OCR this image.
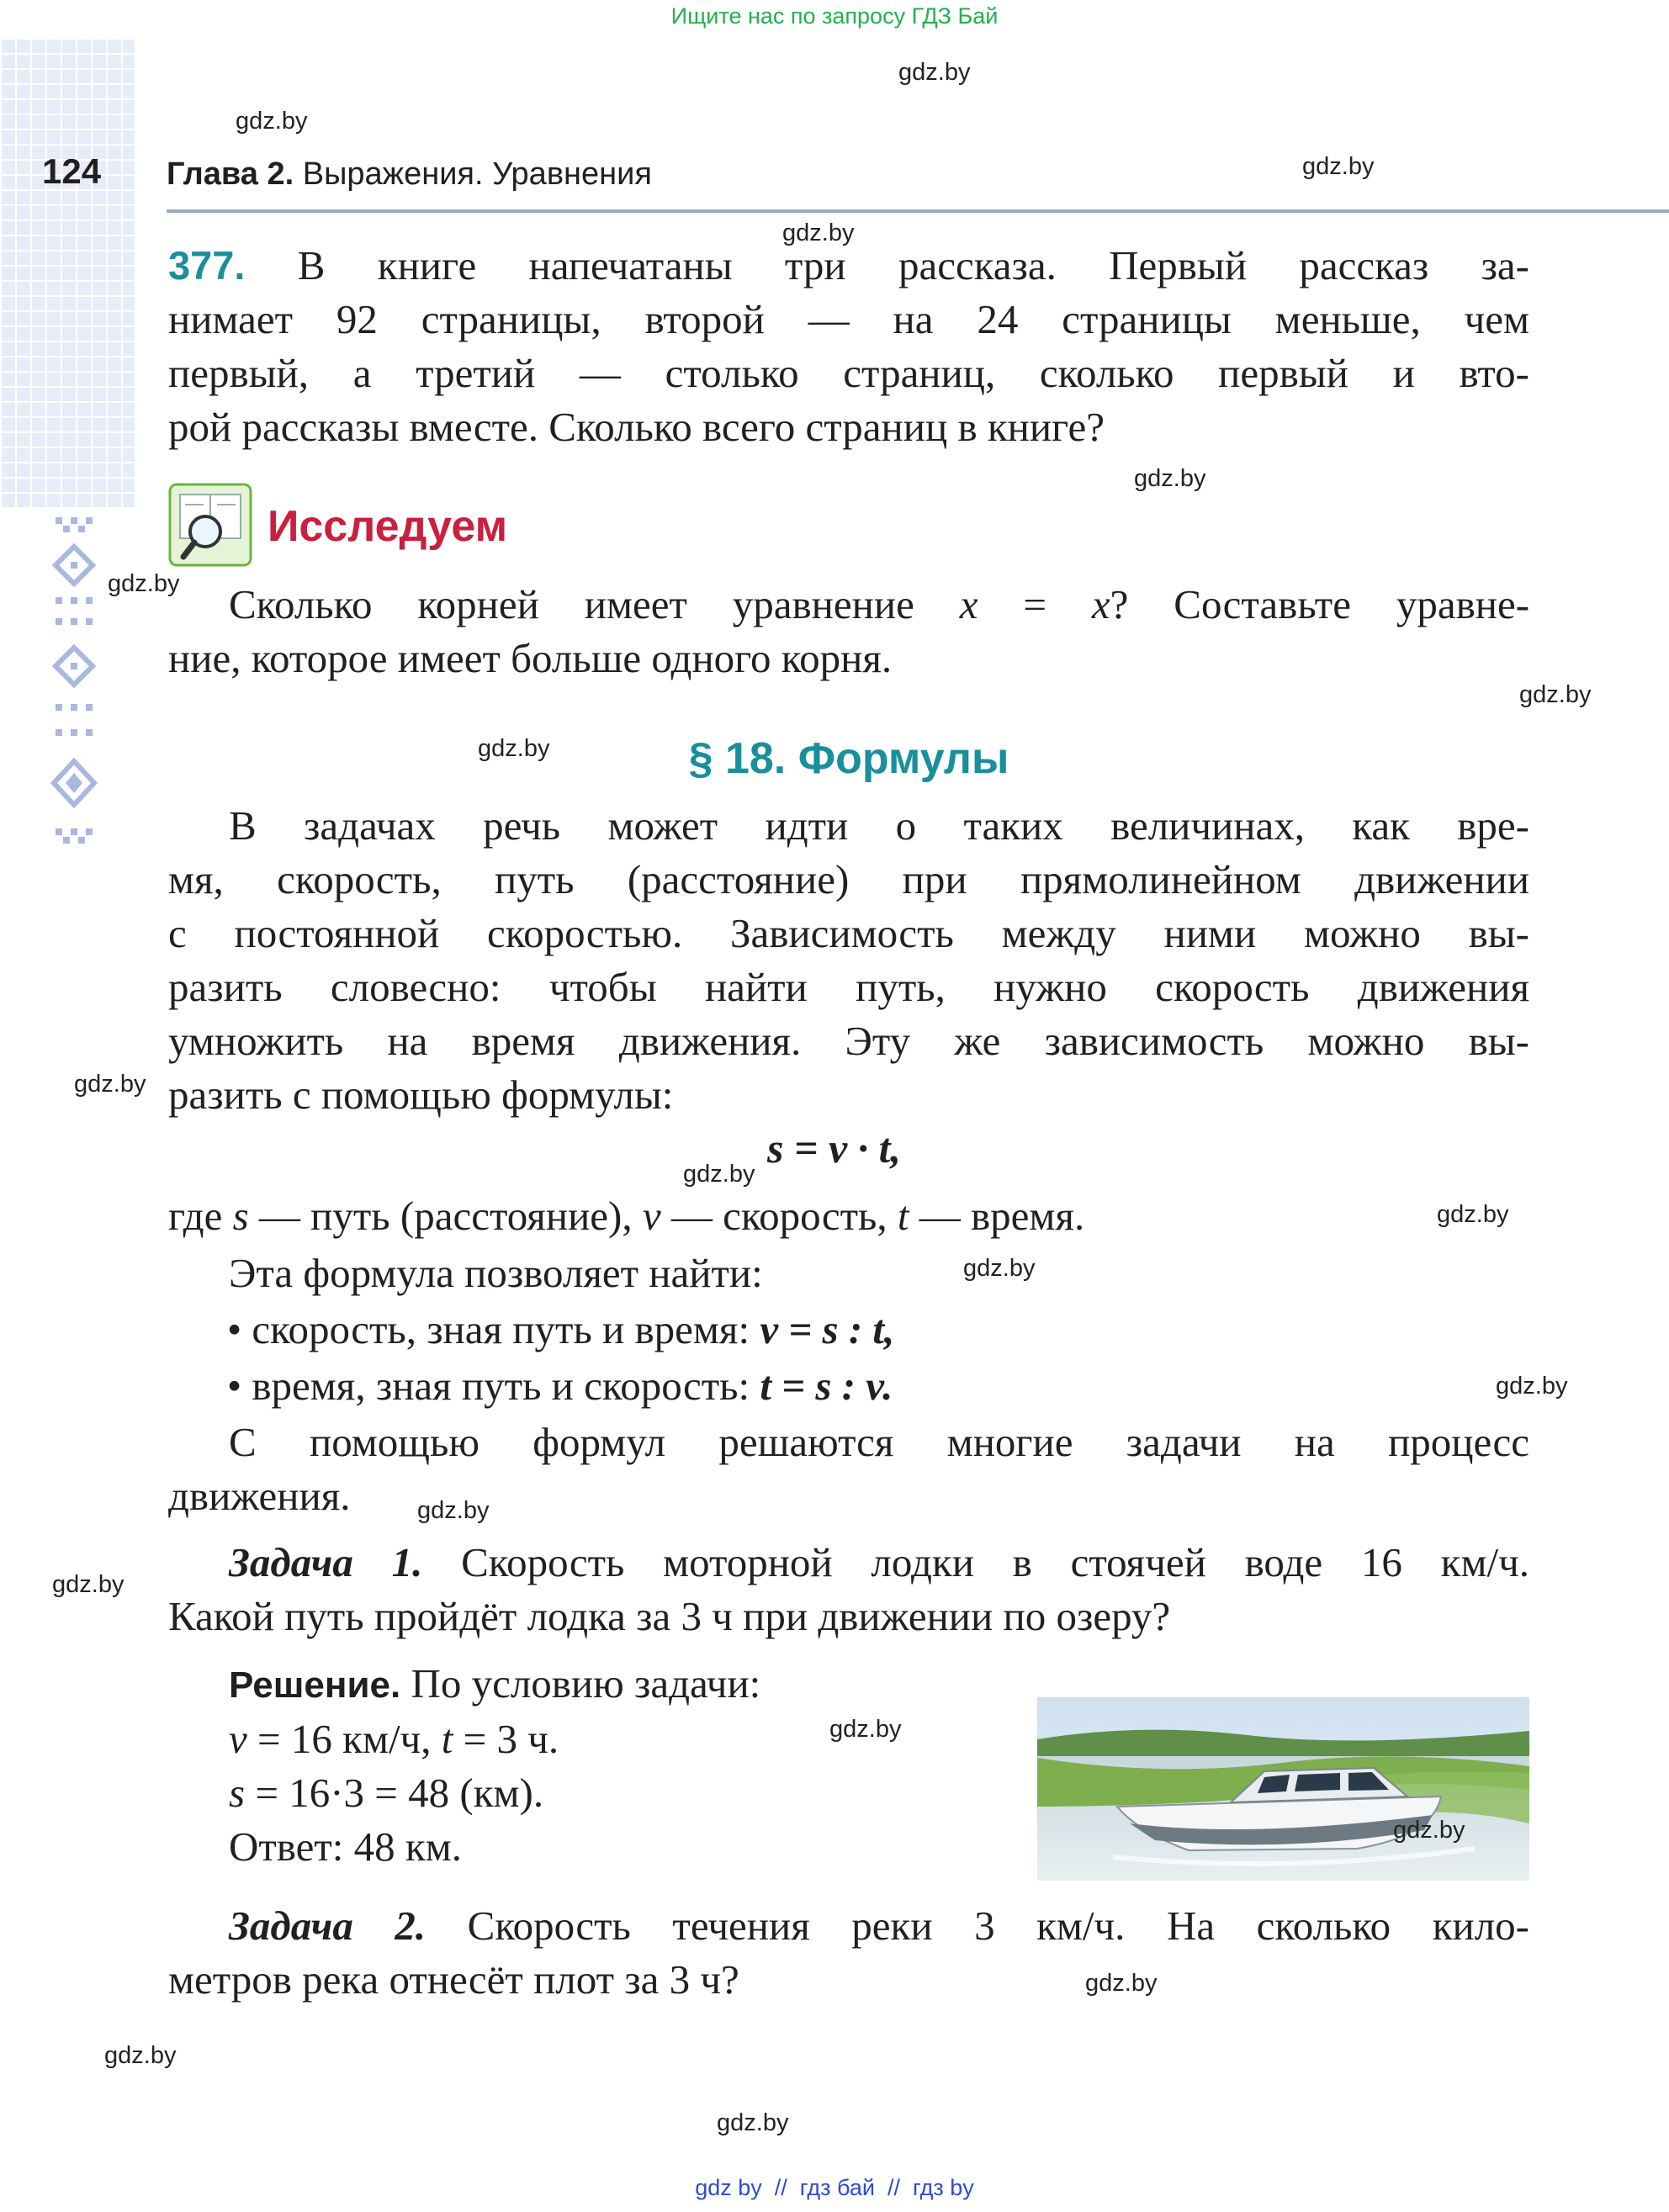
Ищите нас по запросу ГДЗ Бай
124 Глава 2. Выражения. Уравнения
377. В книге напечатаны три рассказа. Первый рассказ за-
нимает 92 страницы, второй — на 24 страницы меньше, чем
первый, а третий — столько страниц, сколько первый и вто-
рой рассказы вместе. Сколько всего страниц в книге?
Исследуем
Сколько корней имеет уравнение x = x? Составьте уравне-
ние, которое имеет больше одного корня.
§ 18. Формулы
В задачах речь может идти о таких величинах, как вре-
мя, скорость, путь (расстояние) при прямолинейном движении
с постоянной скоростью. Зависимость между ними можно вы-
разить словесно: чтобы найти путь, нужно скорость движения
умножить на время движения. Эту же зависимость можно вы-
разить с помощью формулы:
s = v · t,
где s — путь (расстояние), v — скорость, t — время.
Эта формула позволяет найти:
• скорость, зная путь и время: v = s : t,
• время, зная путь и скорость: t = s : v.
С помощью формул решаются многие задачи на процесс
движения.
Задача 1. Скорость моторной лодки в стоячей воде 16 км/ч.
Какой путь пройдёт лодка за 3 ч при движении по озеру?
Решение. По условию задачи:
v = 16 км/ч, t = 3 ч.
s = 16·3 = 48 (км).
Ответ: 48 км.
Задача 2. Скорость течения реки 3 км/ч. На сколько кило-
метров река отнесёт плот за 3 ч?
gdz.by
gdz.by
gdz.by
gdz.by
gdz.by
gdz.by
gdz.by
gdz.by
gdz.by
gdz.by
gdz.by
gdz.by
gdz.by
gdz.by
gdz.by
gdz.by
gdz.by
gdz.by
gdz.by
gdz.by
gdz by  //  гдз бай  //  гдз by
